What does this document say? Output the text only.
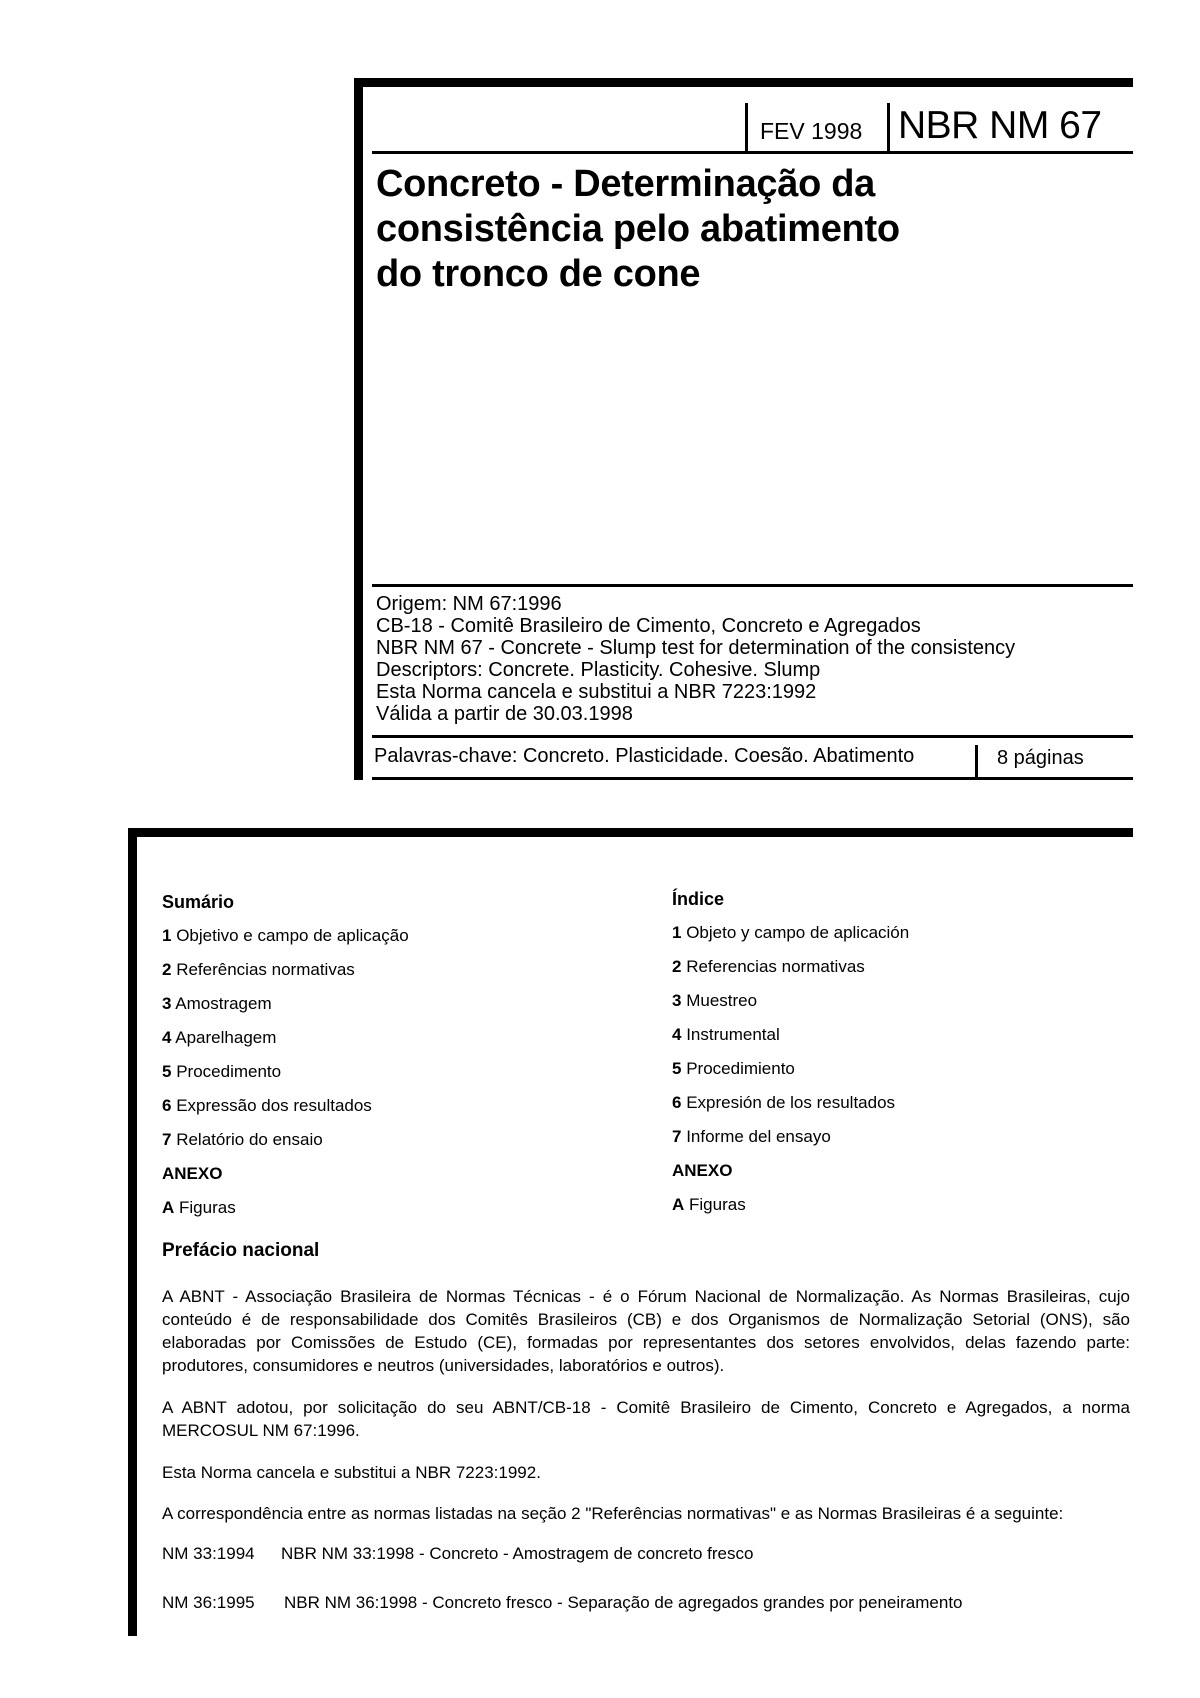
FEV 1998 NBR NM 67
Concreto - Determinação da
consistência pelo abatimento
do tronco de cone
Origem: NM 67:1996
CB-18 - Comitê Brasileiro de Cimento, Concreto e Agregados
NBR NM 67 - Concrete - Slump test for determination of the consistency
Descriptors: Concrete. Plasticity. Cohesive. Slump
Esta Norma cancela e substitui a NBR 7223:1992
Válida a partir de 30.03.1998
Palavras-chave: Concreto. Plasticidade. Coesão. Abatimento	8 páginas
Sumário
1 Objetivo e campo de aplicação
2 Referências normativas
3 Amostragem
4 Aparelhagem
5 Procedimento
6 Expressão dos resultados
7 Relatório do ensaio
ANEXO
A Figuras
Índice
1 Objeto y campo de aplicación
2 Referencias normativas
3 Muestreo
4 Instrumental
5 Procedimiento
6 Expresión de los resultados
7 Informe del ensayo
ANEXO
A Figuras
Prefácio nacional
A ABNT - Associação Brasileira de Normas Técnicas - é o Fórum Nacional de Normalização. As Normas Brasileiras, cujo conteúdo é de responsabilidade dos Comitês Brasileiros (CB) e dos Organismos de Normalização Setorial (ONS), são elaboradas por Comissões de Estudo (CE), formadas por representantes dos setores envolvidos, delas fazendo parte: produtores, consumidores e neutros (universidades, laboratórios e outros).
A ABNT adotou, por solicitação do seu ABNT/CB-18 - Comitê Brasileiro de Cimento, Concreto e Agregados, a norma MERCOSUL NM 67:1996.
Esta Norma cancela e substitui a NBR 7223:1992.
A correspondência entre as normas listadas na seção 2 "Referências normativas" e as Normas Brasileiras é a seguinte:
NM 33:1994 NBR NM 33:1998 - Concreto - Amostragem de concreto fresco
NM 36:1995 NBR NM 36:1998 - Concreto fresco - Separação de agregados grandes por peneiramento
